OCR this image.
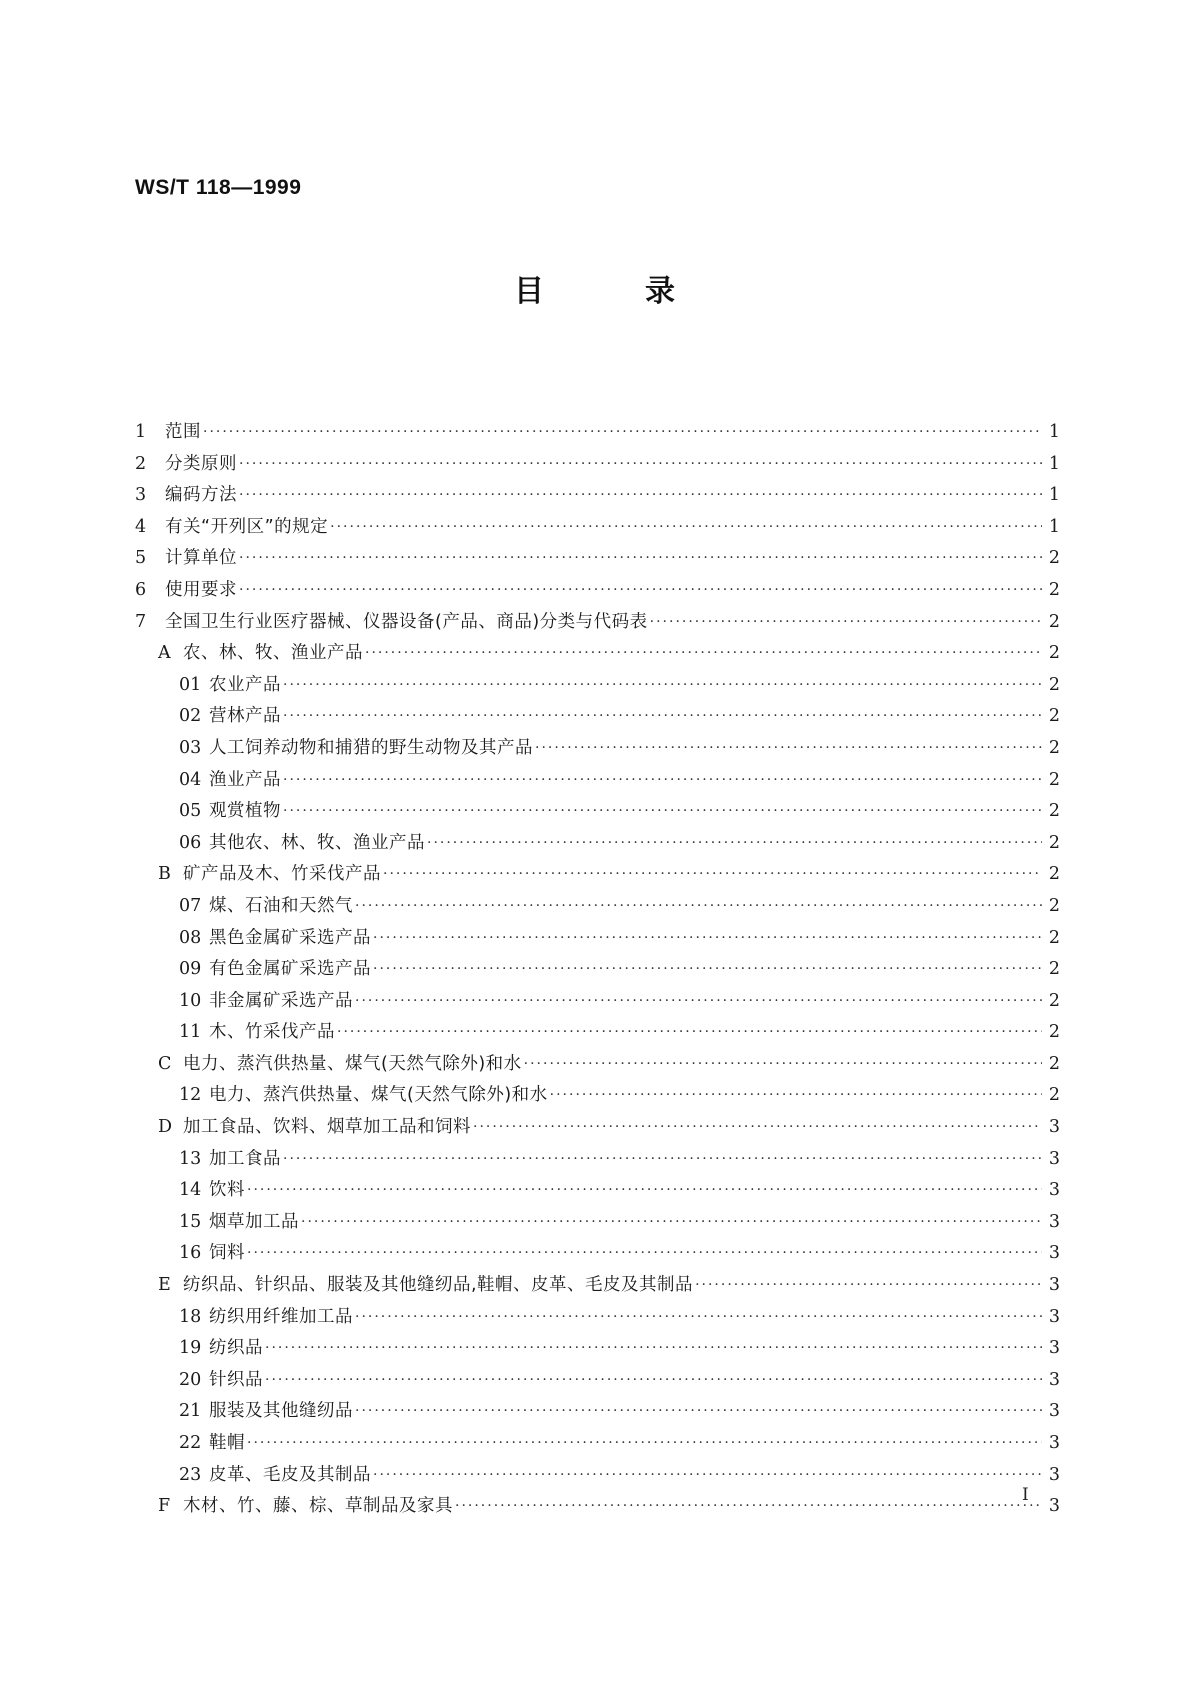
WS/T 118—1999
目	录
1	范围 ·····	1
2	分类原则 ·····	1
3	编码方法 ·····	1
4	有关“开列区”的规定 ·····	1
5	计算单位 ·····	2
6	使用要求 ·····	2
7	全国卫生行业医疗器械、仪器设备(产品、商品)分类与代码表 ·····	2
A 农、林、牧、渔业产品 ·····	2
01 农业产品 ·····	2
02 营林产品 ·····	2
03 人工饲养动物和捕猎的野生动物及其产品 ·····	2
04 渔业产品 ·····	2
05 观赏植物 ·····	2
06 其他农、林、牧、渔业产品 ·····	2
B 矿产品及木、竹采伐产品 ·····	2
07 煤、石油和天然气 ·····	2
08 黑色金属矿采选产品 ·····	2
09 有色金属矿采选产品 ·····	2
10 非金属矿采选产品 ·····	2
11 木、竹采伐产品 ·····	2
C 电力、蒸汽供热量、煤气(天然气除外)和水 ·····	2
12 电力、蒸汽供热量、煤气(天然气除外)和水 ·····	2
D 加工食品、饮料、烟草加工品和饲料 ·····	3
13 加工食品 ·····	3
14 饮料 ·····	3
15 烟草加工品 ·····	3
16 饲料 ·····	3
E 纺织品、针织品、服装及其他缝纫品,鞋帽、皮革、毛皮及其制品 ·····	3
18 纺织用纤维加工品 ·····	3
19 纺织品 ·····	3
20 针织品 ·····	3
21 服装及其他缝纫品 ·····	3
22 鞋帽 ·····	3
23 皮革、毛皮及其制品 ·····	3
F 木材、竹、藤、棕、草制品及家具 ·····	3
I
